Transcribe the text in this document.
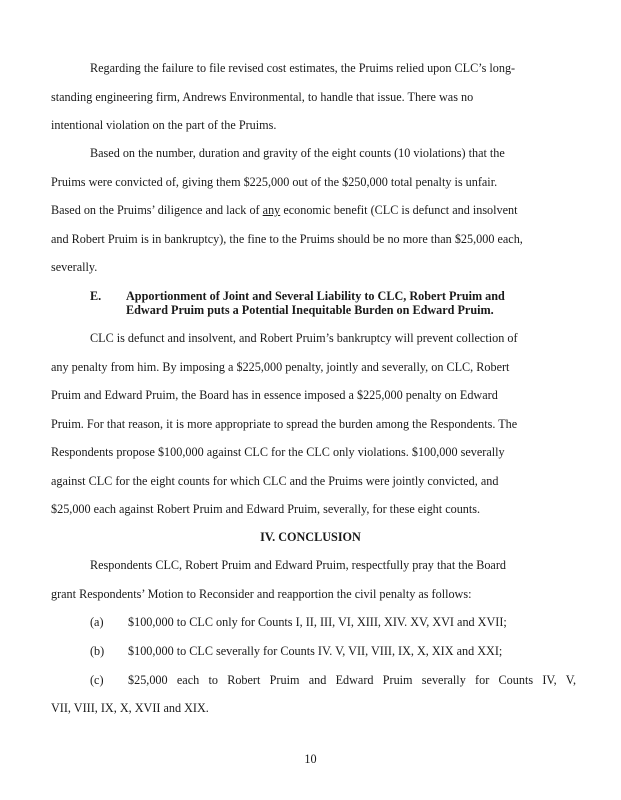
Regarding the failure to file revised cost estimates, the Pruims relied upon CLC’s long-
standing engineering firm, Andrews Environmental, to handle that issue. There was no
intentional violation on the part of the Pruims.
Based on the number, duration and gravity of the eight counts (10 violations) that the
Pruims were convicted of, giving them $225,000 out of the $250,000 total penalty is unfair.
Based on the Pruims’ diligence and lack of any economic benefit (CLC is defunct and insolvent
and Robert Pruim is in bankruptcy), the fine to the Pruims should be no more than $25,000 each,
severally.
E. Apportionment of Joint and Several Liability to CLC, Robert Pruim and
Edward Pruim puts a Potential Inequitable Burden on Edward Pruim.
CLC is defunct and insolvent, and Robert Pruim’s bankruptcy will prevent collection of
any penalty from him. By imposing a $225,000 penalty, jointly and severally, on CLC, Robert
Pruim and Edward Pruim, the Board has in essence imposed a $225,000 penalty on Edward
Pruim. For that reason, it is more appropriate to spread the burden among the Respondents. The
Respondents propose $100,000 against CLC for the CLC only violations. $100,000 severally
against CLC for the eight counts for which CLC and the Pruims were jointly convicted, and
$25,000 each against Robert Pruim and Edward Pruim, severally, for these eight counts.
IV. CONCLUSION
Respondents CLC, Robert Pruim and Edward Pruim, respectfully pray that the Board
grant Respondents’ Motion to Reconsider and reapportion the civil penalty as follows:
(a) $100,000 to CLC only for Counts I, II, III, VI, XIII, XIV. XV, XVI and XVII;
(b) $100,000 to CLC severally for Counts IV. V, VII, VIII, IX, X, XIX and XXI;
(c) $25,000 each to Robert Pruim and Edward Pruim severally for Counts IV, V,
VII, VIII, IX, X, XVII and XIX.
10
